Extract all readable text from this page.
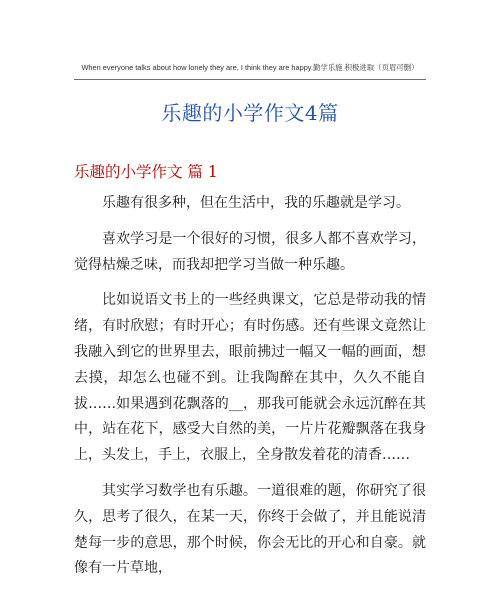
When everyone talks about how lonely they are, I think they are happy.勤学乐施 积极进取（页眉可删）
乐趣的小学作文4篇
乐趣的小学作文 篇 1

乐趣有很多种，但在生活中，我的乐趣就是学习。

喜欢学习是一个很好的习惯，很多人都不喜欢学习，觉得枯燥乏味，而我却把学习当做一种乐趣。

比如说语文书上的一些经典课文，它总是带动我的情绪，有时欣慰；有时开心；有时伤感。还有些课文竟然让我融入到它的世界里去，眼前拂过一幅又一幅的画面，想去摸，却怎么也碰不到。让我陶醉在其中，久久不能自拔……如果遇到花飘落的__，那我可能就会永远沉醉在其中，站在花下，感受大自然的美，一片片花瓣飘落在我身上，头发上，手上，衣服上，全身散发着花的清香……

其实学习数学也有乐趣。一道很难的题，你研究了很久，思考了很久，在某一天，你终于会做了，并且能说清楚每一步的意思，那个时候，你会无比的开心和自豪。就像有一片草地，
